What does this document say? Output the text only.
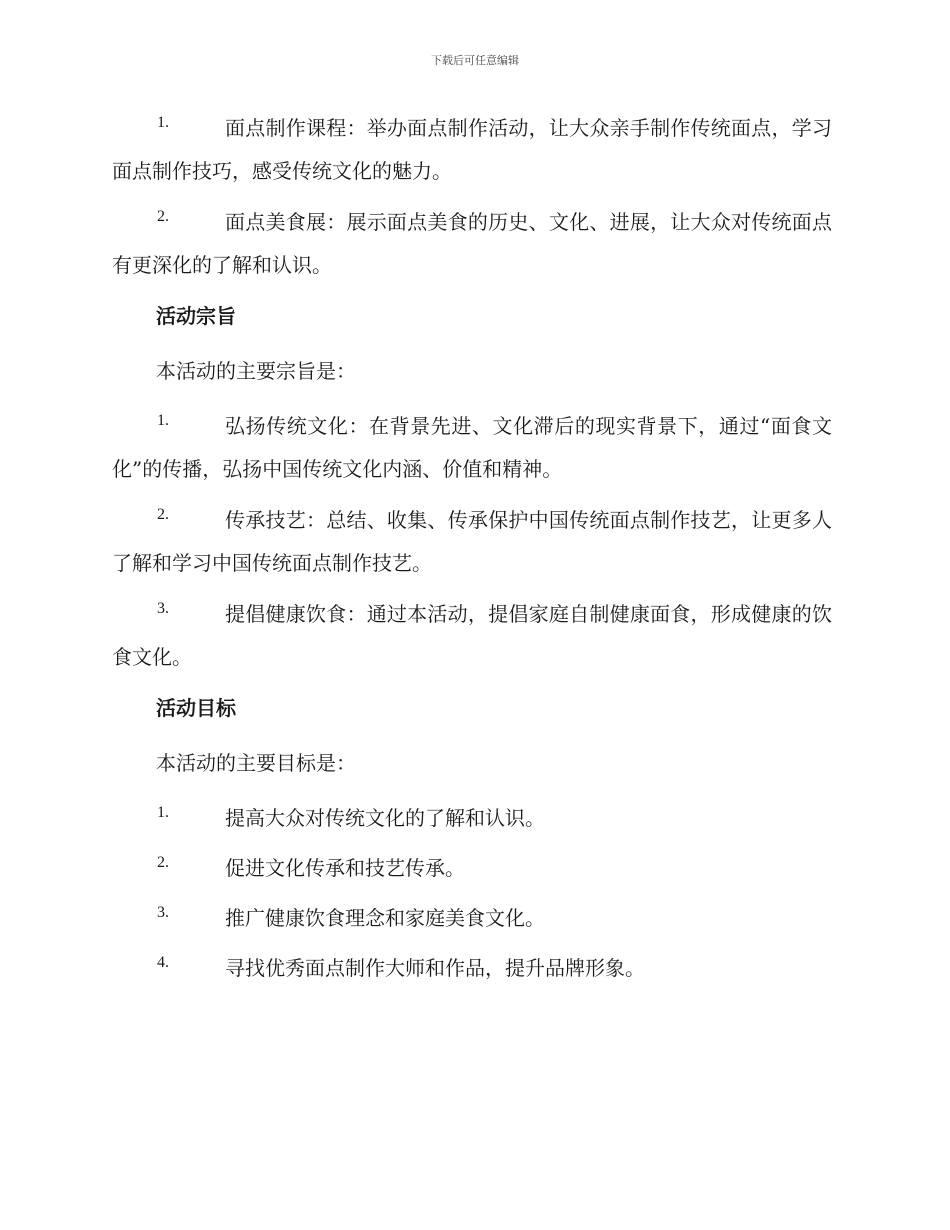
下载后可任意编辑
1.	面点制作课程：举办面点制作活动，让大众亲手制作传统面点，学习面点制作技巧，感受传统文化的魅力。
2.	面点美食展：展示面点美食的历史、文化、进展，让大众对传统面点有更深化的了解和认识。
活动宗旨
本活动的主要宗旨是：
1.	弘扬传统文化：在背景先进、文化滞后的现实背景下，通过“面食文化”的传播，弘扬中国传统文化内涵、价值和精神。
2.	传承技艺：总结、收集、传承保护中国传统面点制作技艺，让更多人了解和学习中国传统面点制作技艺。
3.	提倡健康饮食：通过本活动，提倡家庭自制健康面食，形成健康的饮食文化。
活动目标
本活动的主要目标是：
1.	提高大众对传统文化的了解和认识。
2.	促进文化传承和技艺传承。
3.	推广健康饮食理念和家庭美食文化。
4.	寻找优秀面点制作大师和作品，提升品牌形象。
